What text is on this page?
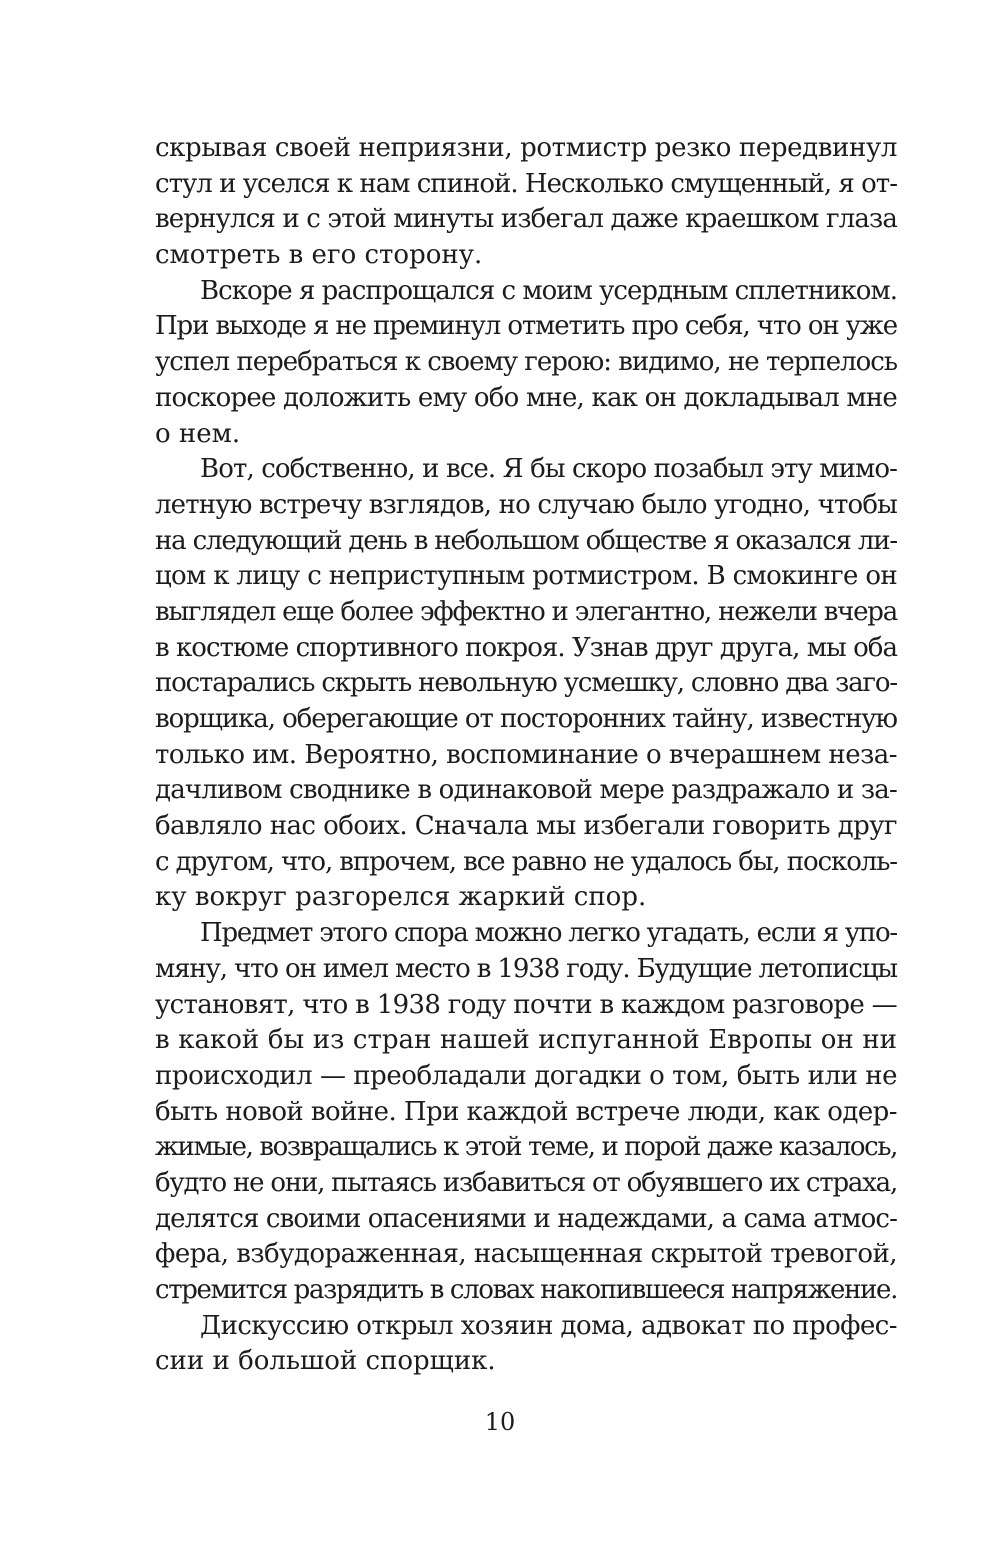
скрывая своей неприязни, ротмистр резко передвинул
стул и уселся к нам спиной. Несколько смущенный, я от-
вернулся и с этой минуты избегал даже краешком глаза
смотреть в его сторону.
Вскоре я распрощался с моим усердным сплетником.
При выходе я не преминул отметить про себя, что он уже
успел перебраться к своему герою: видимо, не терпелось
поскорее доложить ему обо мне, как он докладывал мне
о нем.
Вот, собственно, и все. Я бы скоро позабыл эту мимо-
летную встречу взглядов, но случаю было угодно, чтобы
на следующий день в небольшом обществе я оказался ли-
цом к лицу с неприступным ротмистром. В смокинге он
выглядел еще более эффектно и элегантно, нежели вчера
в костюме спортивного покроя. Узнав друг друга, мы оба
постарались скрыть невольную усмешку, словно два заго-
ворщика, оберегающие от посторонних тайну, известную
только им. Вероятно, воспоминание о вчерашнем неза-
дачливом своднике в одинаковой мере раздражало и за-
бавляло нас обоих. Сначала мы избегали говорить друг
с другом, что, впрочем, все равно не удалось бы, посколь-
ку вокруг разгорелся жаркий спор.
Предмет этого спора можно легко угадать, если я упо-
мяну, что он имел место в 1938 году. Будущие летописцы
установят, что в 1938 году почти в каждом разговоре —
в какой бы из стран нашей испуганной Европы он ни
происходил — преобладали догадки о том, быть или не
быть новой войне. При каждой встрече люди, как одер-
жимые, возвращались к этой теме, и порой даже казалось,
будто не они, пытаясь избавиться от обуявшего их страха,
делятся своими опасениями и надеждами, а сама атмос-
фера, взбудораженная, насыщенная скрытой тревогой,
стремится разрядить в словах накопившееся напряжение.
Дискуссию открыл хозяин дома, адвокат по профес-
сии и большой спорщик.
10
